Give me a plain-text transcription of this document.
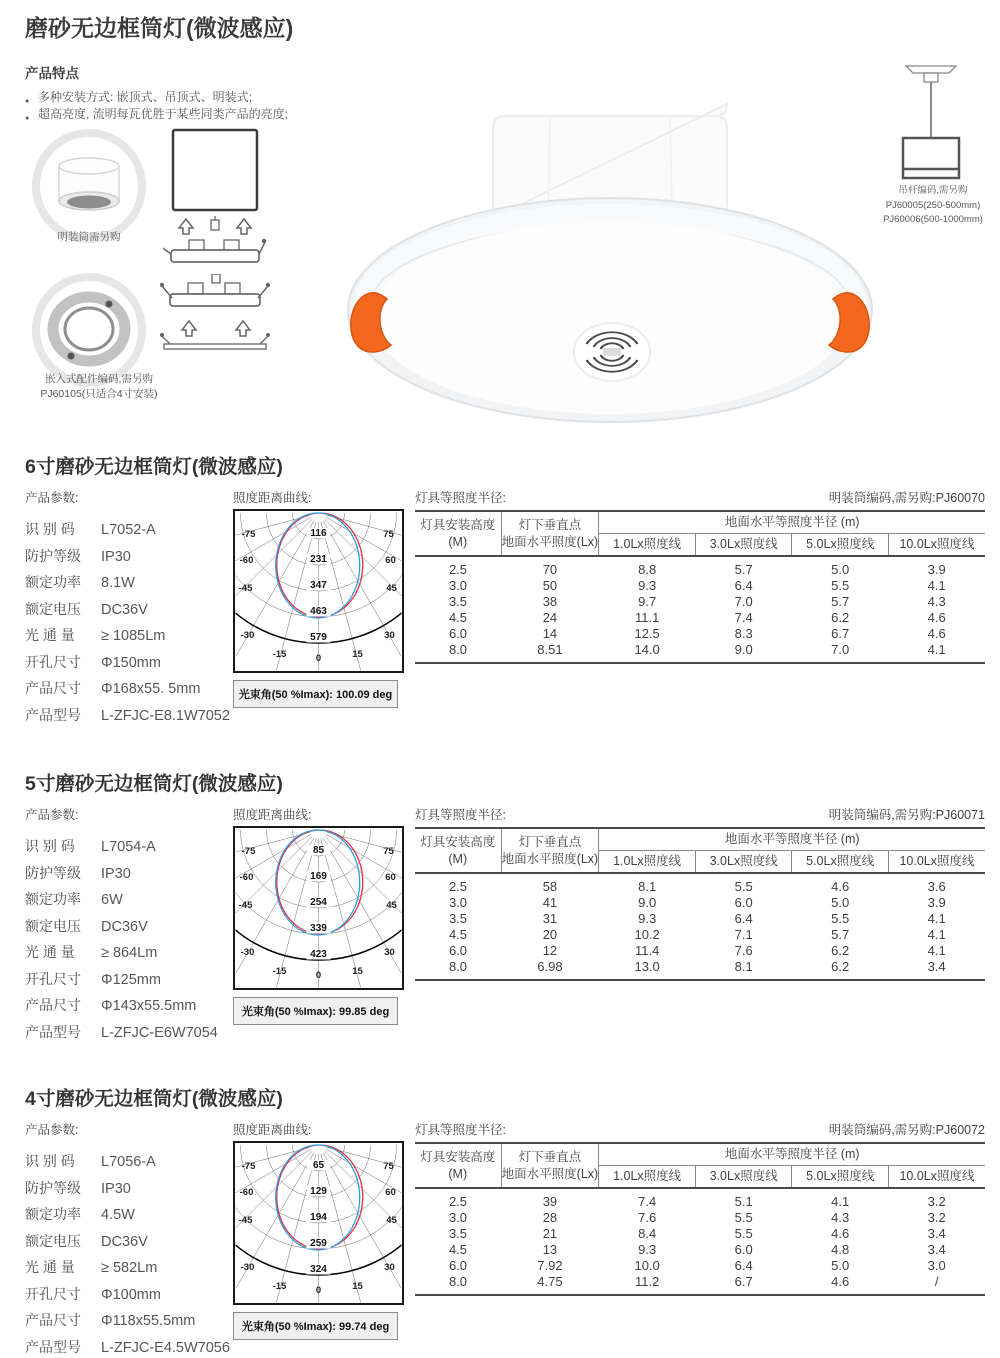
磨砂无边框筒灯(微波感应)
产品特点
● 多种安装方式: 嵌顶式、吊顶式、明装式;
● 超高亮度, 流明每瓦优胜于某些同类产品的亮度;
明装筒需另购
嵌入式配件编码,需另购
PJ60105(只适合4寸安装)
吊杆编码,需另购
PJ60005(250-500mm)
PJ60006(500-1000mm)
6寸磨砂无边框筒灯(微波感应)
产品参数:
识 别 码	L7052-A
防护等级	IP30
额定功率	8.1W
额定电压	DC36V
光 通 量	≥ 1085Lm
开孔尺寸	Φ150mm
产品尺寸	Φ168x55. 5mm
产品型号	L-ZFJC-E8.1W7052
照度距离曲线:
116
231
347
463
579
-75
-60
-45
-30
-15 0 15
30
45
60
75
光束角(50 %Imax): 100.09 deg
灯具等照度半径:	明装筒编码,需另购:PJ60070
灯具安装高度
(M)

灯下垂直点
地面水平照度(Lx)
	地面水平等照度半径 (m)
		1.0Lx照度线	3.0Lx照度线	5.0Lx照度线	10.0Lx照度线
2.5	70	8.8	5.7	5.0	3.9
3.0	50	9.3	6.4	5.5	4.1
3.5	38	9.7	7.0	5.7	4.3
4.5	24	11.1	7.4	6.2	4.6
6.0	14	12.5	8.3	6.7	4.6
8.0	8.51	14.0	9.0	7.0	4.1
5寸磨砂无边框筒灯(微波感应)
产品参数:
识 别 码	L7054-A
防护等级	IP30
额定功率	6W
额定电压	DC36V
光 通 量	≥ 864Lm
开孔尺寸	Φ125mm
产品尺寸	Φ143x55.5mm
产品型号	L-ZFJC-E6W7054
照度距离曲线:
85
169
254
339
423
-75
-60
-45
-30
-15 0 15
30
45
60
75
光束角(50 %Imax): 99.85 deg
灯具等照度半径:	明装筒编码,需另购:PJ60071
灯具安装高度
(M)

灯下垂直点
地面水平照度(Lx)
	地面水平等照度半径 (m)
		1.0Lx照度线	3.0Lx照度线	5.0Lx照度线	10.0Lx照度线
2.5	58	8.1	5.5	4.6	3.6
3.0	41	9.0	6.0	5.0	3.9
3.5	31	9.3	6.4	5.5	4.1
4.5	20	10.2	7.1	5.7	4.1
6.0	12	11.4	7.6	6.2	4.1
8.0	6.98	13.0	8.1	6.2	3.4
4寸磨砂无边框筒灯(微波感应)
产品参数:
识 别 码	L7056-A
防护等级	IP30
额定功率	4.5W
额定电压	DC36V
光 通 量	≥ 582Lm
开孔尺寸	Φ100mm
产品尺寸	Φ118x55.5mm
产品型号	L-ZFJC-E4.5W7056
照度距离曲线:
65
129
194
259
324
-75
-60
-45
-30
-15 0 15
30
45
60
75
光束角(50 %Imax): 99.74 deg
灯具等照度半径:	明装筒编码,需另购:PJ60072
灯具安装高度
(M)

灯下垂直点
地面水平照度(Lx)
	地面水平等照度半径 (m)
		1.0Lx照度线	3.0Lx照度线	5.0Lx照度线	10.0Lx照度线
2.5	39	7.4	5.1	4.1	3.2
3.0	28	7.6	5.5	4.3	3.2
3.5	21	8.4	5.5	4.6	3.4
4.5	13	9.3	6.0	4.8	3.4
6.0	7.92	10.0	6.4	5.0	3.0
8.0	4.75	11.2	6.7	4.6	/
